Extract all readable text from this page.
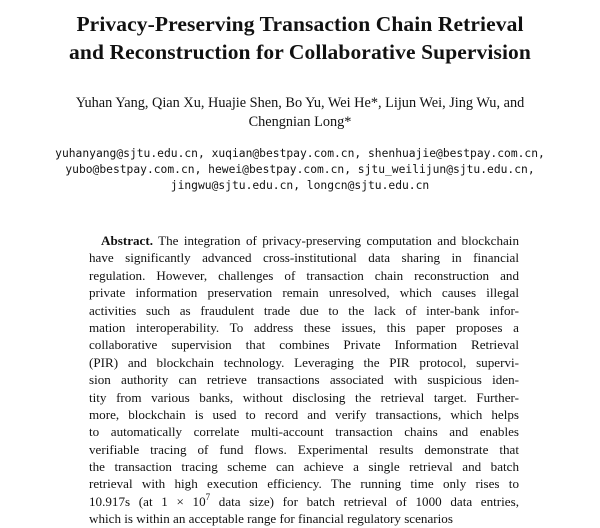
Privacy-Preserving Transaction Chain Retrieval
and Reconstruction for Collaborative Supervision
Yuhan Yang, Qian Xu, Huajie Shen, Bo Yu, Wei He*, Lijun Wei, Jing Wu, and
Chengnian Long*
yuhanyang@sjtu.edu.cn, xuqian@bestpay.com.cn, shenhuajie@bestpay.com.cn,
yubo@bestpay.com.cn, hewei@bestpay.com.cn, sjtu_weilijun@sjtu.edu.cn,
jingwu@sjtu.edu.cn, longcn@sjtu.edu.cn
Abstract. The integration of privacy-preserving computation and blockchain
have significantly advanced cross-institutional data sharing in financial
regulation. However, challenges of transaction chain reconstruction and
private information preservation remain unresolved, which causes illegal
activities such as fraudulent trade due to the lack of inter-bank infor-
mation interoperability. To address these issues, this paper proposes a
collaborative supervision that combines Private Information Retrieval
(PIR) and blockchain technology. Leveraging the PIR protocol, supervi-
sion authority can retrieve transactions associated with suspicious iden-
tity from various banks, without disclosing the retrieval target. Further-
more, blockchain is used to record and verify transactions, which helps
to automatically correlate multi-account transaction chains and enables
verifiable tracing of fund flows. Experimental results demonstrate that
the transaction tracing scheme can achieve a single retrieval and batch
retrieval with high execution efficiency. The running time only rises to
10.917s (at $1 \times 10^7$ data size) for batch retrieval of 1000 data entries,
which is within an acceptable range for financial regulatory scenarios
